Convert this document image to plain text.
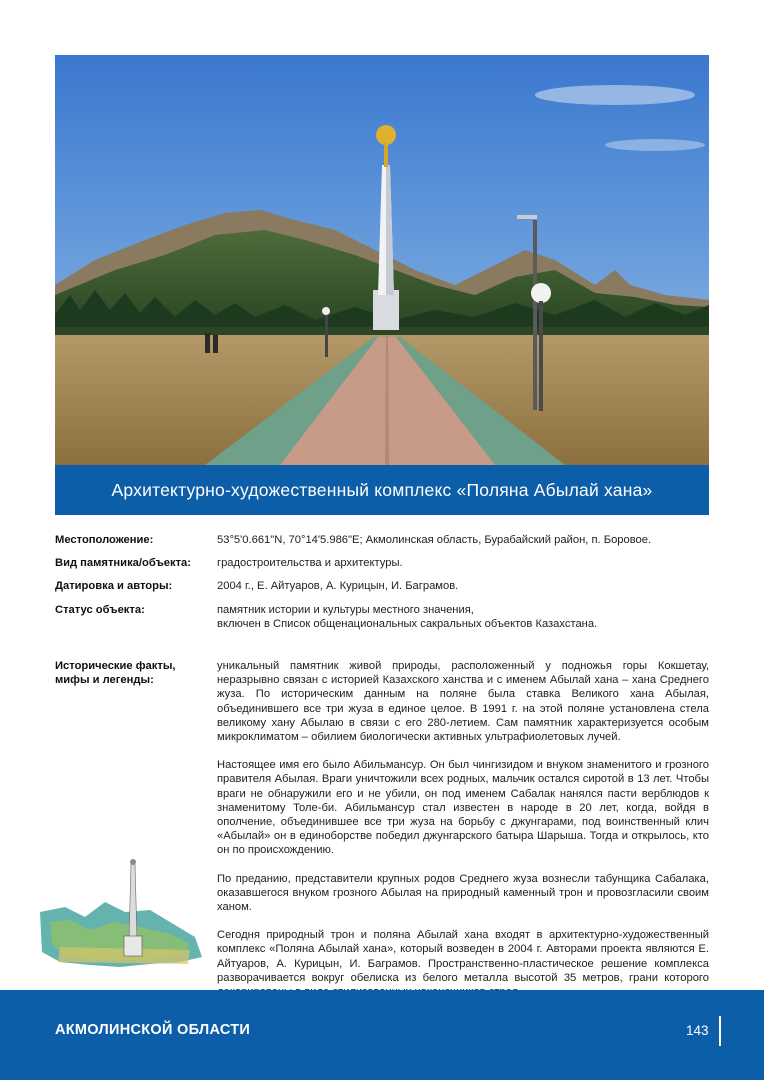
Архитектурно-художественный комплекс «Поляна Абылай хана»
Местоположение:	53°5'0.661"N, 70°14'5.986"E; Акмолинская область, Бурабайский район, п. Боровое.
Вид памятника/объекта:	градостроительства и архитектуры.
Датировка и авторы:	2004 г., Е. Айтуаров, А. Курицын, И. Баграмов.
Статус объекта:	памятник истории и культуры местного значения,
включен в Список общенациональных сакральных объектов Казахстана.
Исторические факты,
мифы и легенды:

уникальный памятник живой природы, расположенный у подножья горы Кокшетау, неразрывно связан с историей Казахского ханства и с именем Абылай хана – хана Среднего жуза. По историческим данным на поляне была ставка Великого хана Абылая, объединившего все три жуза в единое целое. В 1991 г. на этой поляне установлена стела великому хану Абылаю в связи с его 280-летием. Сам памятник характеризуется особым микроклиматом – обилием биологически активных ультрафиолетовых лучей.

Настоящее имя его было Абильмансур. Он был чингизидом и внуком знаменитого и грозного правителя Абылая. Враги уничтожили всех родных, мальчик остался сиротой в 13 лет. Чтобы враги не обнаружили его и не убили, он под именем Сабалак нанялся пасти верблюдов к знаменитому Толе-би. Абильмансур стал известен в народе в 20 лет, когда, войдя в ополчение, объединившее все три жуза на борьбу с джунгарами, под воинственный клич «Абылай» он в единоборстве победил джунгарского батыра Шарыша. Тогда и открылось, кто он по происхождению.

По преданию, представители крупных родов Среднего жуза вознесли табунщика Сабалака, оказавшегося внуком грозного Абылая на природный каменный трон и провозгласили своим ханом.

Сегодня природный трон и поляна Абылай хана входят в архитектурно-художественный комплекс «Поляна Абылай хана», который возведен в 2004 г. Авторами проекта являются Е. Айтуаров, А. Курицын, И. Баграмов. Пространственно-пластическое решение комплекса разворачивается вокруг обелиска из белого металла высотой 35 метров, грани которого

АКМОЛИНСКОЙ ОБЛАСТИ	143
